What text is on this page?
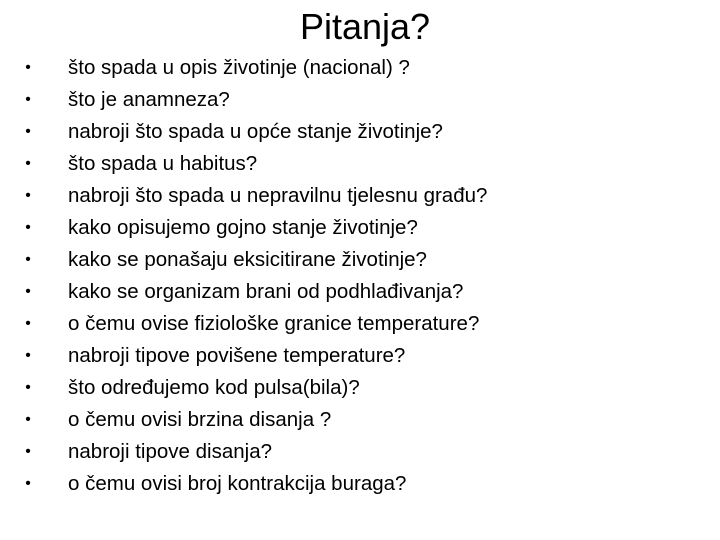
Pitanja?
• što spada u opis životinje (nacional) ?
• što je anamneza?
• nabroji što spada u opće stanje životinje?
• što spada u habitus?
• nabroji što spada u nepravilnu tjelesnu građu?
• kako opisujemo gojno stanje životinje?
• kako se ponašaju eksicitirane životinje?
• kako se organizam brani od podhlađivanja?
• o čemu ovise fiziološke granice temperature?
• nabroji tipove povišene temperature?
• što određujemo kod pulsa(bila)?
• o čemu ovisi brzina disanja ?
• nabroji tipove disanja?
• o čemu ovisi broj kontrakcija buraga?
